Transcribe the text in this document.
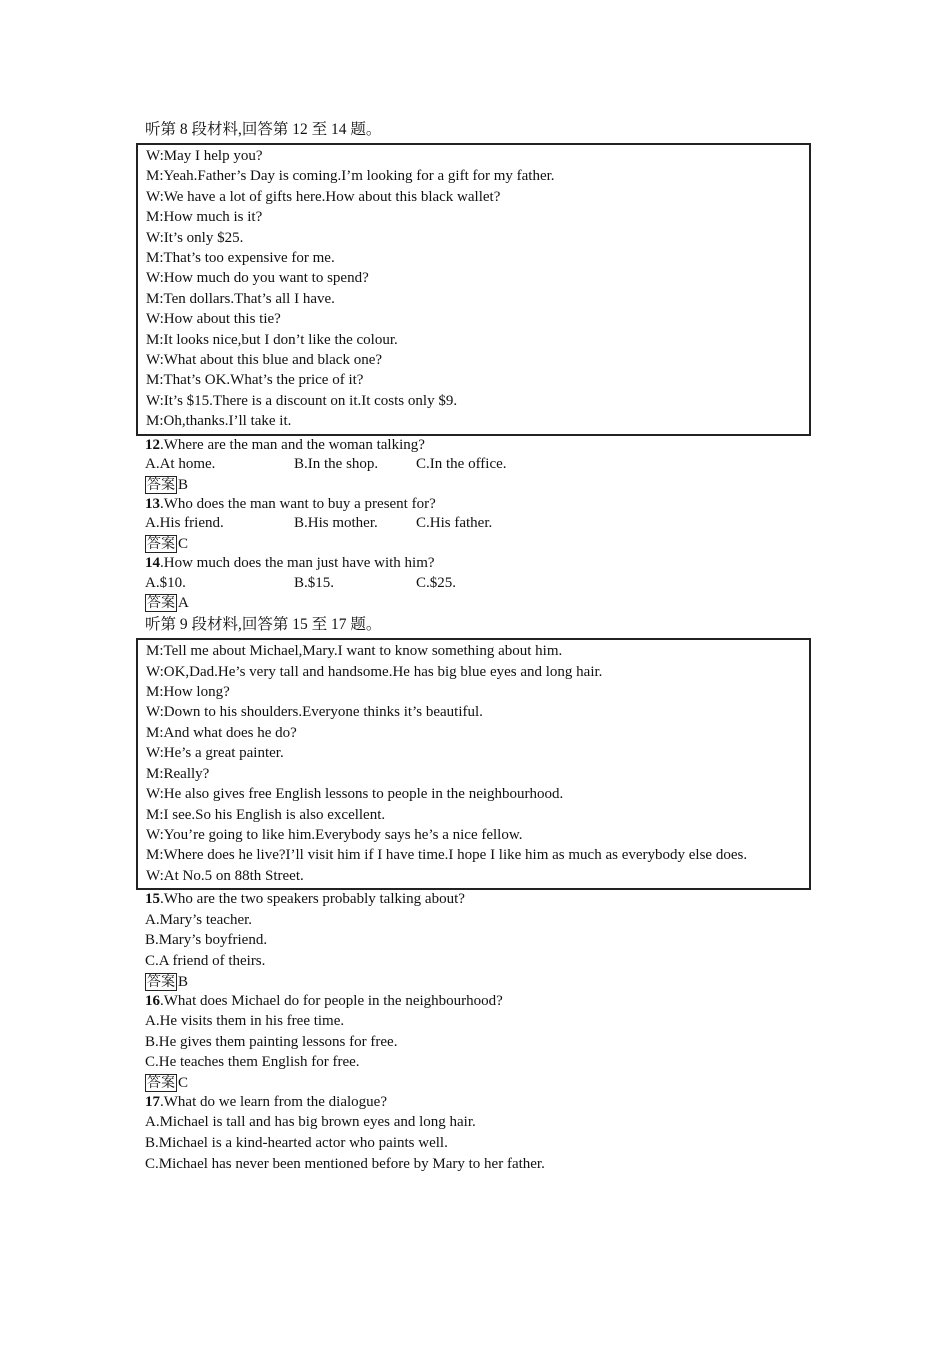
听第 8 段材料,回答第 12 至 14 题。
W:May I help you?
M:Yeah.Father’s Day is coming.I’m looking for a gift for my father.
W:We have a lot of gifts here.How about this black wallet?
M:How much is it?
W:It’s only $25.
M:That’s too expensive for me.
W:How much do you want to spend?
M:Ten dollars.That’s all I have.
W:How about this tie?
M:It looks nice,but I don’t like the colour.
W:What about this blue and black one?
M:That’s OK.What’s the price of it?
W:It’s $15.There is a discount on it.It costs only $9.
M:Oh,thanks.I’ll take it.
12.Where are the man and the woman talking?
A.At home.	B.In the shop.	C.In the office.
答案 B
13.Who does the man want to buy a present for?
A.His friend.	B.His mother.	C.His father.
答案 C
14.How much does the man just have with him?
A.$10.	B.$15.	C.$25.
答案 A
听第 9 段材料,回答第 15 至 17 题。
M:Tell me about Michael,Mary.I want to know something about him.
W:OK,Dad.He’s very tall and handsome.He has big blue eyes and long hair.
M:How long?
W:Down to his shoulders.Everyone thinks it’s beautiful.
M:And what does he do?
W:He’s a great painter.
M:Really?
W:He also gives free English lessons to people in the neighbourhood.
M:I see.So his English is also excellent.
W:You’re going to like him.Everybody says he’s a nice fellow.
M:Where does he live?I’ll visit him if I have time.I hope I like him as much as everybody else does.
W:At No.5 on 88th Street.
15.Who are the two speakers probably talking about?
A.Mary’s teacher.
B.Mary’s boyfriend.
C.A friend of theirs.
答案 B
16.What does Michael do for people in the neighbourhood?
A.He visits them in his free time.
B.He gives them painting lessons for free.
C.He teaches them English for free.
答案 C
17.What do we learn from the dialogue?
A.Michael is tall and has big brown eyes and long hair.
B.Michael is a kind-hearted actor who paints well.
C.Michael has never been mentioned before by Mary to her father.
